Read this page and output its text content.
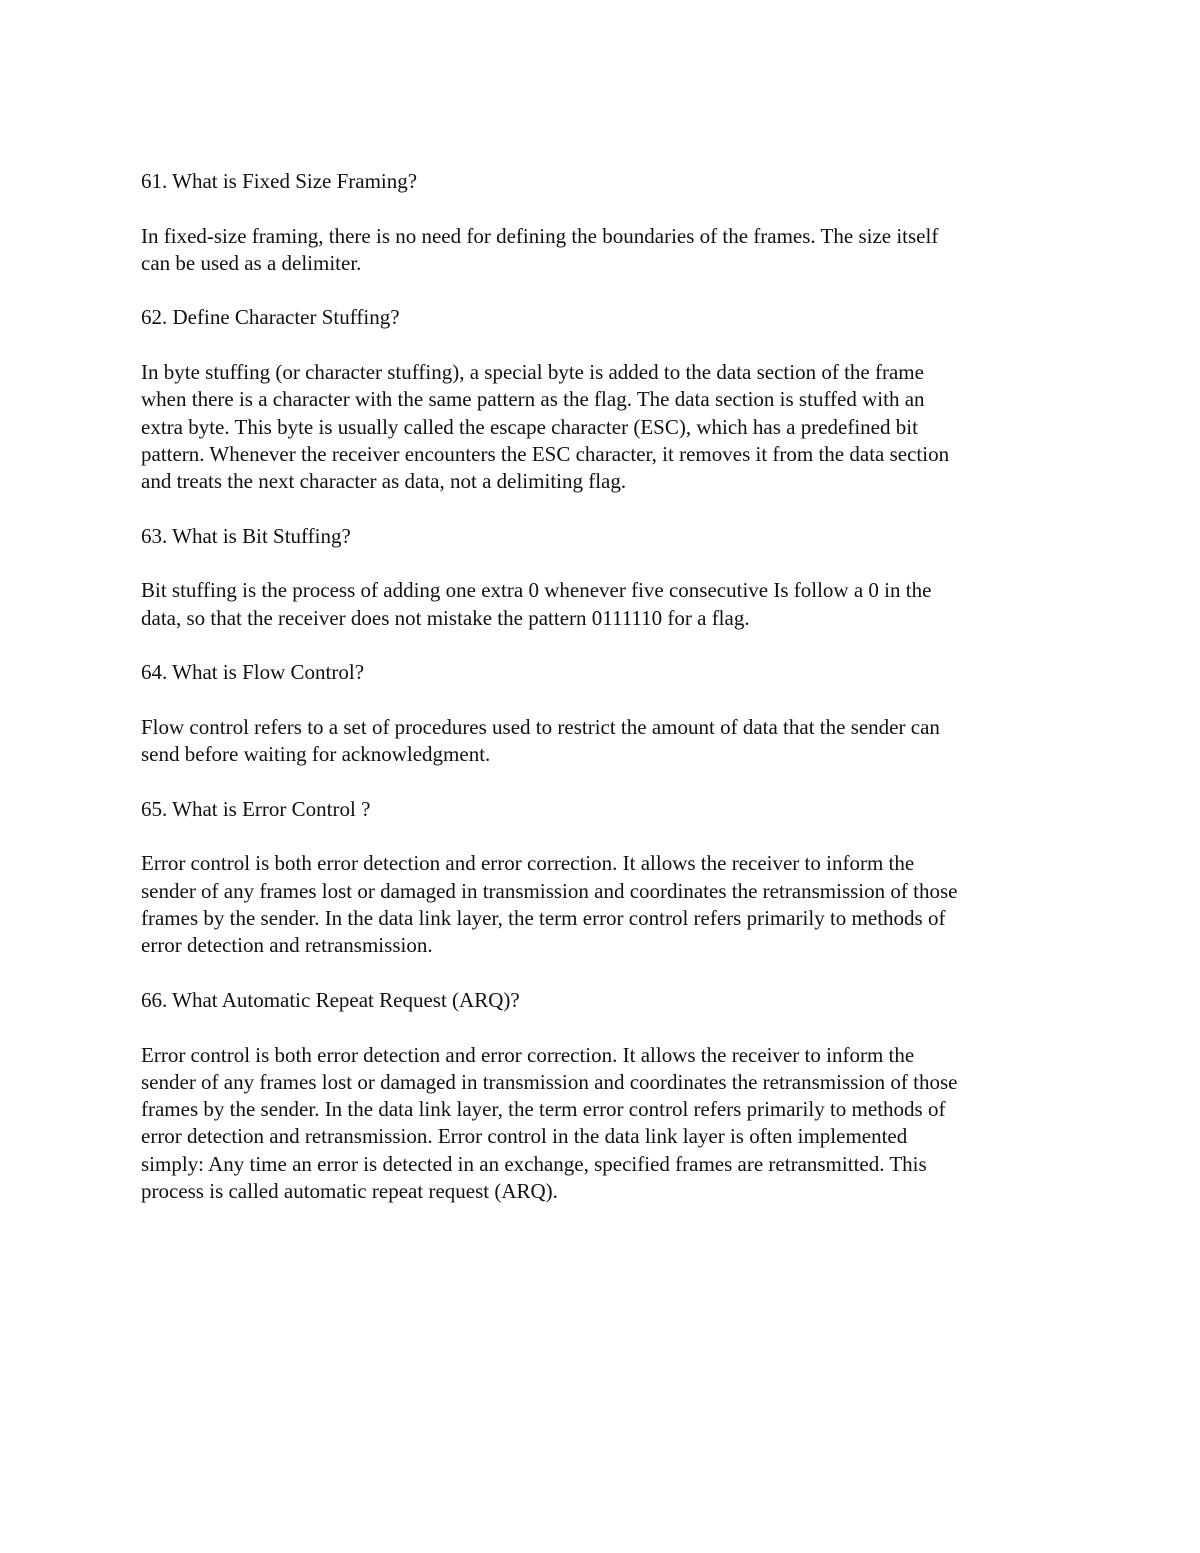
61. What is Fixed Size Framing?

In fixed-size framing, there is no need for defining the boundaries of the frames. The size itself
can be used as a delimiter.

62. Define Character Stuffing?

In byte stuffing (or character stuffing), a special byte is added to the data section of the frame
when there is a character with the same pattern as the flag. The data section is stuffed with an
extra byte. This byte is usually called the escape character (ESC), which has a predefined bit
pattern. Whenever the receiver encounters the ESC character, it removes it from the data section
and treats the next character as data, not a delimiting flag.

63. What is Bit Stuffing?

Bit stuffing is the process of adding one extra 0 whenever five consecutive Is follow a 0 in the
data, so that the receiver does not mistake the pattern 0111110 for a flag.

64. What is Flow Control?

Flow control refers to a set of procedures used to restrict the amount of data that the sender can
send before waiting for acknowledgment.

65. What is Error Control ?

Error control is both error detection and error correction. It allows the receiver to inform the
sender of any frames lost or damaged in transmission and coordinates the retransmission of those
frames by the sender. In the data link layer, the term error control refers primarily to methods of
error detection and retransmission.

66. What Automatic Repeat Request (ARQ)?

Error control is both error detection and error correction. It allows the receiver to inform the
sender of any frames lost or damaged in transmission and coordinates the retransmission of those
frames by the sender. In the data link layer, the term error control refers primarily to methods of
error detection and retransmission. Error control in the data link layer is often implemented
simply: Any time an error is detected in an exchange, specified frames are retransmitted. This
process is called automatic repeat request (ARQ).
